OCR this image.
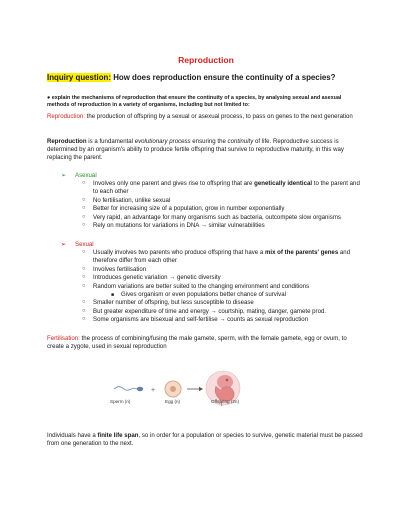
Reproduction
Inquiry question: How does reproduction ensure the continuity of a species?
● explain the mechanisms of reproduction that ensure the continuity of a species, by analysing sexual and asexual methods of reproduction in a variety of organisms, including but not limited to:
Reproduction: the production of offspring by a sexual or asexual process, to pass on genes to the next generation
Reproduction is a fundamental evolutionary process ensuring the continuity of life. Reproductive success is determined by an organism's ability to produce fertile offspring that survive to reproductive maturity, in this way replacing the parent.
➢ Asexual
○ Involves only one parent and gives rise to offspring that are genetically identical to the parent and to each other
○ No fertilisation, unlike sexual
○ Better for increasing size of a population, grow in number exponentially
○ Very rapid, an advantage for many organisms such as bacteria, outcompete slow organisms
○ Rely on mutations for variations in DNA → similar vulnerabilities
➢ Sexual
○ Usually involves two parents who produce offspring that have a mix of the parents' genes and therefore differ from each other
○ Involves fertilisation
○ Introduces genetic variation → genetic diversity
○ Random variations are better suited to the changing environment and conditions
■ Gives organism or even populations better chance of survival
○ Smaller number of offspring, but less susceptible to disease
○ But greater expenditure of time and energy → courtship, mating, danger, gamete prod.
○ Some organisms are bisexual and self-fertilise → counts as sexual reproduction
Fertilisation: the process of combining/fusing the male gamete, sperm, with the female gamete, egg or ovum, to create a zygote, used in sexual reproduction
Individuals have a finite life span, so in order for a population or species to survive, genetic material must be passed from one generation to the next.
+
Sperm (n)	Egg (n)	Offspring (2n)
